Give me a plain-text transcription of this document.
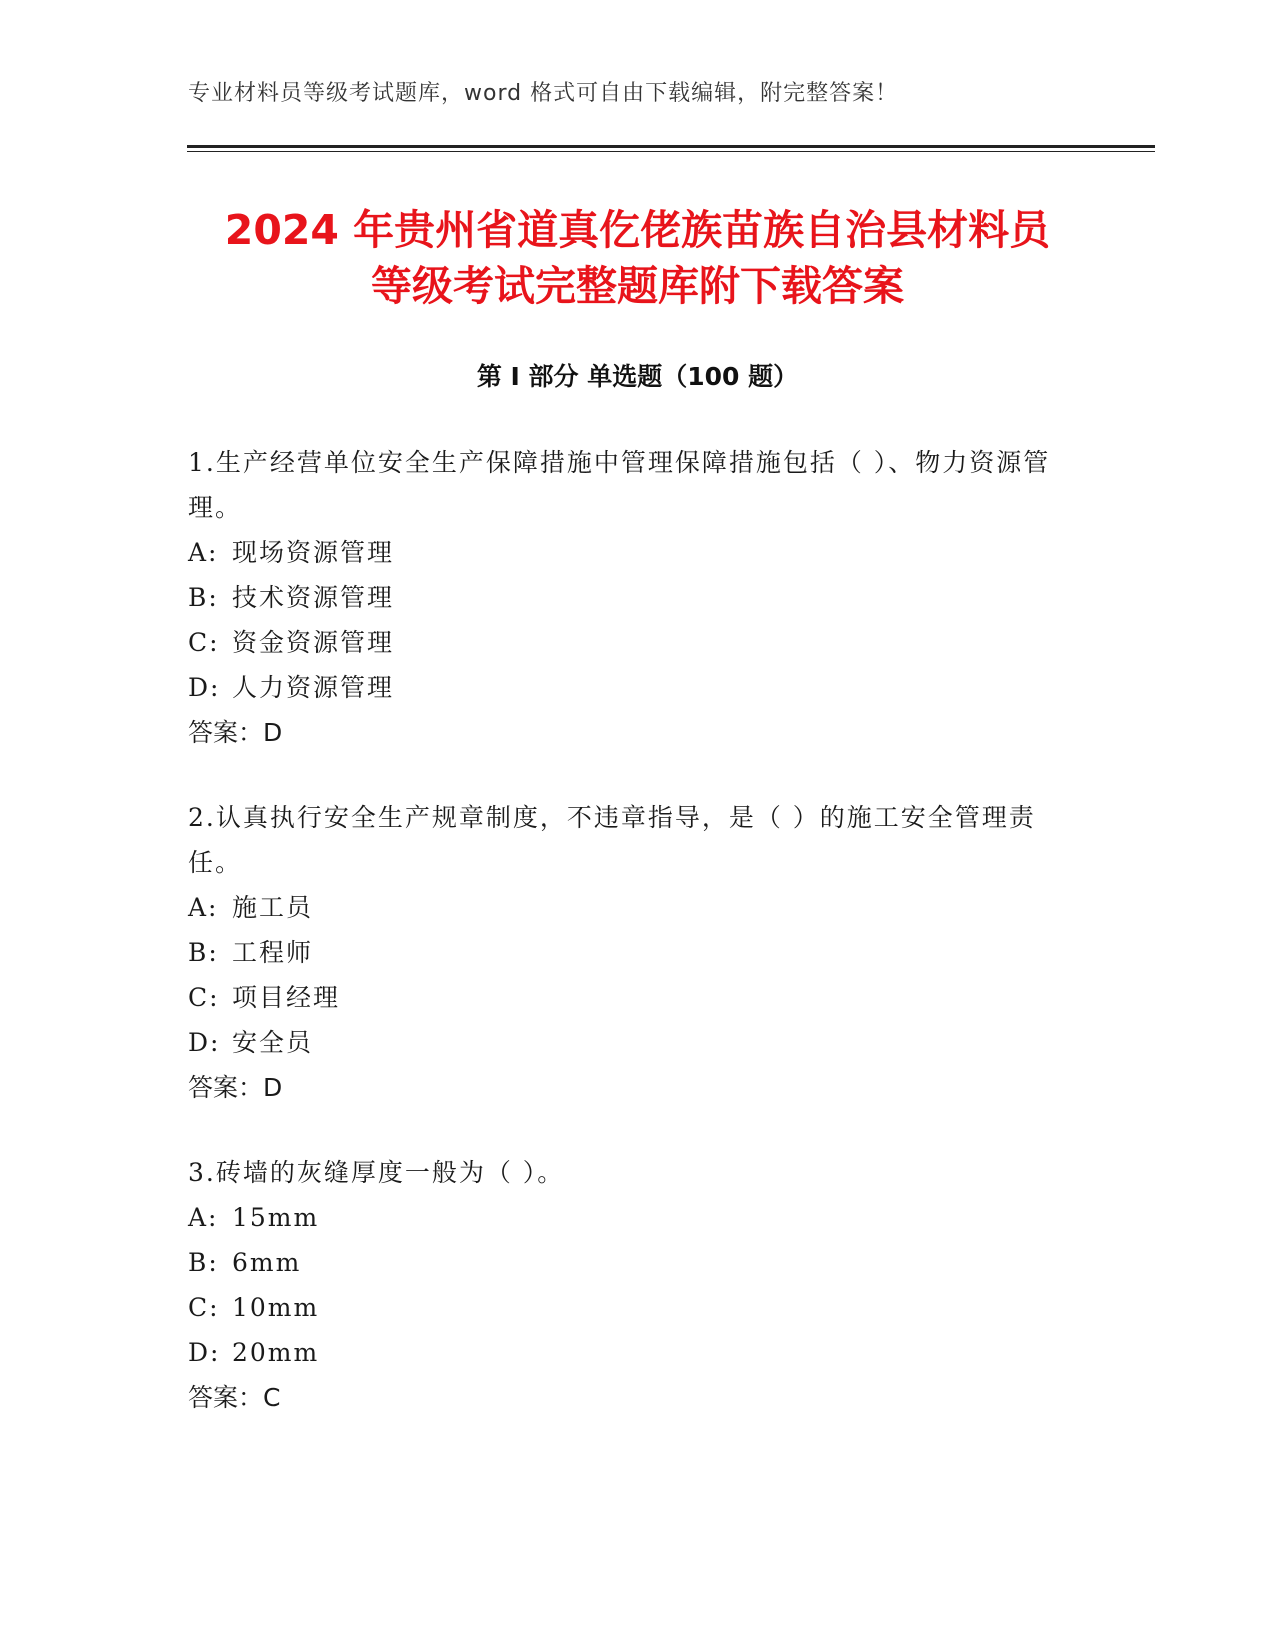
专业材料员等级考试题库，word 格式可自由下载编辑，附完整答案！
2024 年贵州省道真仡佬族苗族自治县材料员
等级考试完整题库附下载答案
第 I 部分 单选题（100 题）
1.生产经营单位安全生产保障措施中管理保障措施包括（ ）、物力资源管理。
A: 现场资源管理
B: 技术资源管理
C: 资金资源管理
D: 人力资源管理
答案：D
2.认真执行安全生产规章制度，不违章指导，是（ ）的施工安全管理责任。
A: 施工员
B: 工程师
C: 项目经理
D: 安全员
答案：D
3.砖墙的灰缝厚度一般为（ ）。
A: 15mm
B: 6mm
C: 10mm
D: 20mm
答案：C
